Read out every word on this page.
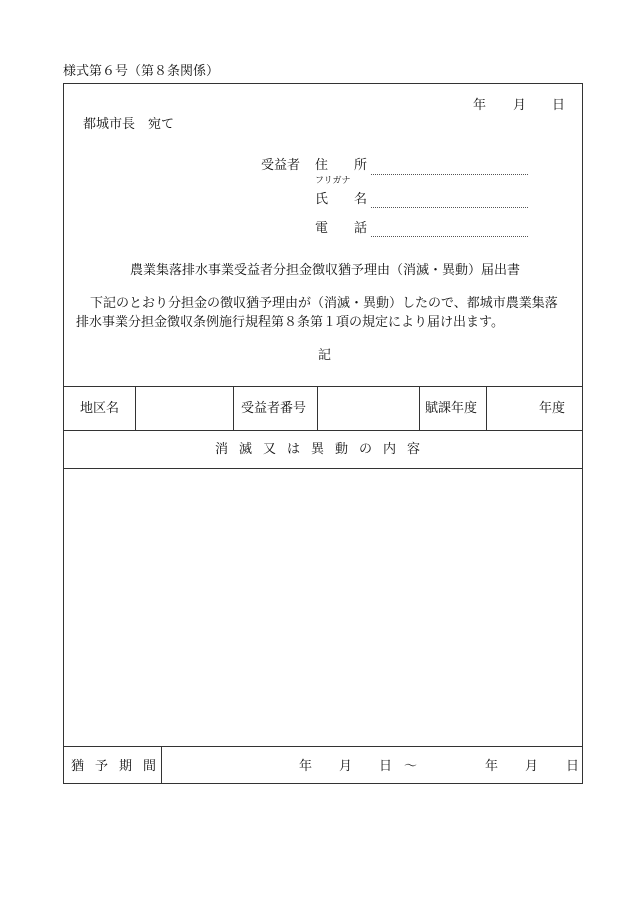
様式第６号（第８条関係）
年 月 日
都城市長　宛て
受益者 住　　所
フリガナ
氏　　名
電　　話
農業集落排水事業受益者分担金徴収猶予理由（消滅・異動）届出書
下記のとおり分担金の徴収猶予理由が（消滅・異動）したので、都城市農業集落
排水事業分担金徴収条例施行規程第８条第１項の規定により届け出ます。
記
地区名	受益者番号	賦課年度	年度
消滅又は異動の内容
猶予期間	年 月 日 ～	年 月 日
